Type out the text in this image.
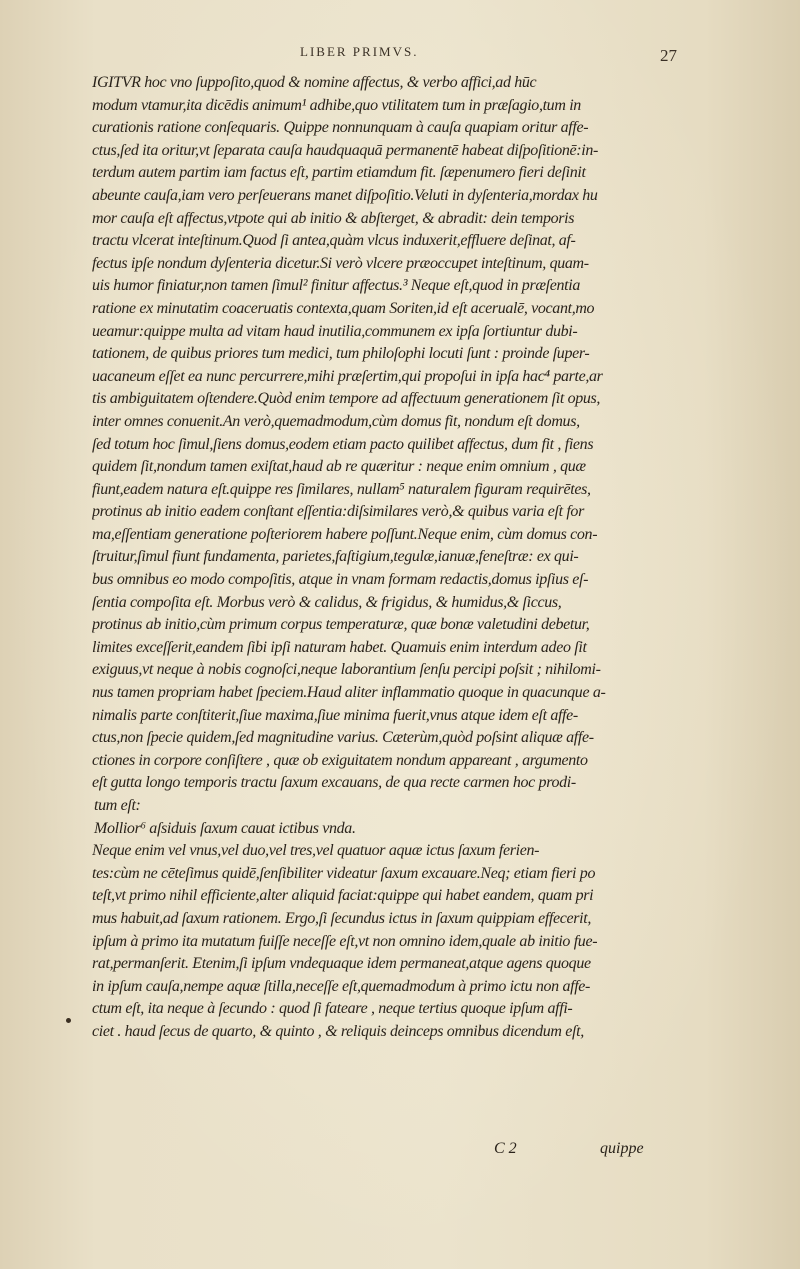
LIBER PRIMVS.	27
IGITVR hoc vno ſuppoſito,quod & nomine affectus, & verbo affici,ad hūc
modum vtamur,ita dicēdis animum¹ adhibe,quo vtilitatem tum in præſagio,tum in
curationis ratione conſequaris. Quippe nonnunquam à cauſa quapiam oritur affe-
ctus,ſed ita oritur,vt ſeparata cauſa haudquaquā permanentē habeat diſpoſitionē:in-
terdum autem partim iam factus eſt, partim etiamdum fit. ſæpenumero fieri deſinit
abeunte cauſa,iam vero perſeuerans manet diſpoſitio.Veluti in dyſenteria,mordax hu
mor cauſa eſt affectus,vtpote qui ab initio & abſterget, & abradit: dein temporis
tractu vlcerat inteſtinum.Quod ſi antea,quàm vlcus induxerit,effluere deſinat, af-
fectus ipſe nondum dyſenteria dicetur.Si verò vlcere præoccupet inteſtinum, quam-
uis humor finiatur,non tamen ſimul² finitur affectus.³ Neque eſt,quod in præſentia
ratione ex minutatim coaceruatis contexta,quam Soriten,id eſt acerualē, vocant,mo
ueamur:quippe multa ad vitam haud inutilia,communem ex ipſa ſortiuntur dubi-
tationem, de quibus priores tum medici, tum philoſophi locuti ſunt : proinde ſuper-
uacaneum eſſet ea nunc percurrere,mihi præſertim,qui propoſui in ipſa hac⁴ parte,ar
tis ambiguitatem oſtendere.Quòd enim tempore ad affectuum generationem ſit opus,
inter omnes conuenit.An verò,quemadmodum,cùm domus fit, nondum eſt domus,
ſed totum hoc ſimul,ſiens domus,eodem etiam pacto quilibet affectus, dum fit , fiens
quidem ſit,nondum tamen exiſtat,haud ab re quæritur : neque enim omnium , quæ
fiunt,eadem natura eſt.quippe res ſimilares, nullam⁵ naturalem figuram requirētes,
protinus ab initio eadem conſtant eſſentia:diſsimilares verò,& quibus varia eſt for
ma,eſſentiam generatione poſteriorem habere poſſunt.Neque enim, cùm domus con-
ſtruitur,ſimul fiunt fundamenta, parietes,faſtigium,tegulæ,ianuæ,feneſtræ: ex qui-
bus omnibus eo modo compoſitis, atque in vnam formam redactis,domus ipſius eſ-
ſentia compoſita eſt. Morbus verò & calidus, & frigidus, & humidus,& ſiccus,
protinus ab initio,cùm primum corpus temperaturæ, quæ bonæ valetudini debetur,
limites exceſſerit,eandem ſibi ipſi naturam habet. Quamuis enim interdum adeo ſit
exiguus,vt neque à nobis cognoſci,neque laborantium ſenſu percipi poſsit ; nihilomi-
nus tamen propriam habet ſpeciem.Haud aliter inflammatio quoque in quacunque a-
nimalis parte conſtiterit,ſiue maxima,ſiue minima fuerit,vnus atque idem eſt affe-
ctus,non ſpecie quidem,ſed magnitudine varius. Cæterùm,quòd poſsint aliquæ affe-
ctiones in corpore conſiſtere , quæ ob exiguitatem nondum appareant , argumento
eſt gutta longo temporis tractu ſaxum excauans, de qua recte carmen hoc prodi-
tum eſt:
Mollior⁶ aſsiduis ſaxum cauat ictibus vnda.
Neque enim vel vnus,vel duo,vel tres,vel quatuor aquæ ictus ſaxum ferien-
tes:cùm ne cētеſimus quidē,ſenſibiliter videatur ſaxum excauare.Neq; etiam fieri po
teſt,vt primo nihil efficiente,alter aliquid faciat:quippe qui habet eandem, quam pri
mus habuit,ad ſaxum rationem. Ergo,ſi ſecundus ictus in ſaxum quippiam effecerit,
ipſum à primo ita mutatum fuiſſe neceſſe eſt,vt non omnino idem,quale ab initio fue-
rat,permanſerit. Etenim,ſi ipſum vndequaque idem permaneat,atque agens quoque
in ipſum cauſa,nempe aquæ ſtilla,neceſſe eſt,quemadmodum à primo ictu non affe-
ctum eſt, ita neque à ſecundo : quod ſi fateare , neque tertius quoque ipſum affi-
ciet . haud ſecus de quarto, & quinto , & reliquis deinceps omnibus dicendum eſt,
C 2	quippe
